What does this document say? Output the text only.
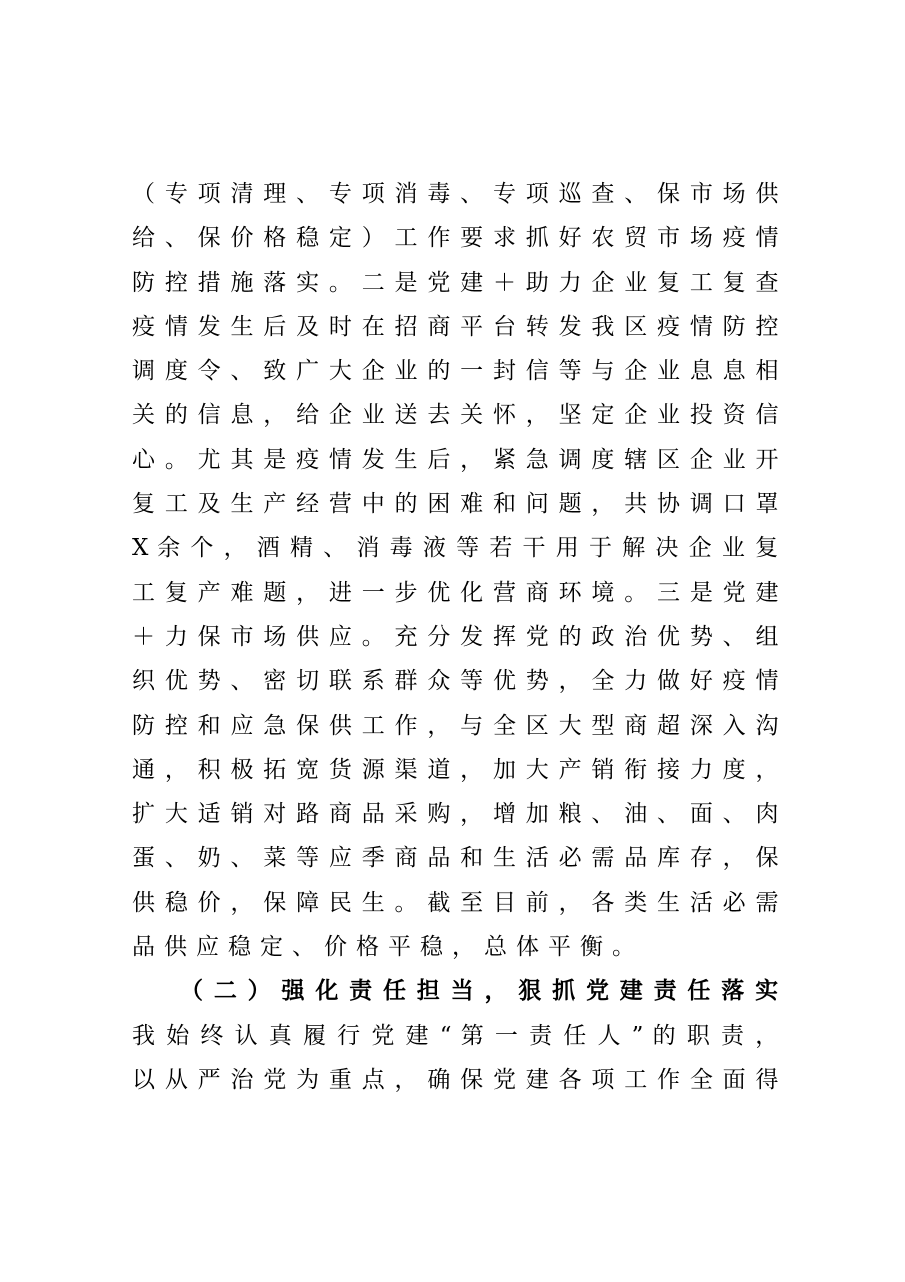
（ 专 项 清 理 、 专 项 消 毒 、 专 项 巡 查 、 保 市 场 供
给 、 保 价 格 稳 定 ） 工 作 要 求 抓 好 农 贸 市 场 疫 情
防 控 措 施 落 实 。 二 是 党 建 ＋ 助 力 企 业 复 工 复 查
疫 情 发 生 后 及 时 在 招 商 平 台 转 发 我 区 疫 情 防 控
调 度 令 、 致 广 大 企 业 的 一 封 信 等 与 企 业 息 息 相
关 的 信 息 ， 给 企 业 送 去 关 怀 ， 坚 定 企 业 投 资 信
心 。 尤 其 是 疫 情 发 生 后 ， 紧 急 调 度 辖 区 企 业 开
复 工 及 生 产 经 营 中 的 困 难 和 问 题 ， 共 协 调 口 罩
X 余 个 ， 酒 精 、 消 毒 液 等 若 干 用 于 解 决 企 业 复
工 复 产 难 题 ， 进 一 步 优 化 营 商 环 境 。 三 是 党 建
＋ 力 保 市 场 供 应 。 充 分 发 挥 党 的 政 治 优 势 、 组
织 优 势 、 密 切 联 系 群 众 等 优 势 ， 全 力 做 好 疫 情
防 控 和 应 急 保 供 工 作 ， 与 全 区 大 型 商 超 深 入 沟
通 ， 积 极 拓 宽 货 源 渠 道 ， 加 大 产 销 衔 接 力 度 ，
扩 大 适 销 对 路 商 品 采 购 ， 增 加 粮 、 油 、 面 、 肉
蛋 、 奶 、 菜 等 应 季 商 品 和 生 活 必 需 品 库 存 ， 保
供 稳 价 ， 保 障 民 生 。 截 至 目 前 ， 各 类 生 活 必 需
品供应稳定、价格平稳，总体平衡。
（ 二 ） 强 化 责 任 担 当 ， 狠 抓 党 建 责 任 落 实
我 始 终 认 真 履 行 党 建 “ 第 一 责 任 人 ” 的 职 责 ，
以 从 严 治 党 为 重 点 ， 确 保 党 建 各 项 工 作 全 面 得
